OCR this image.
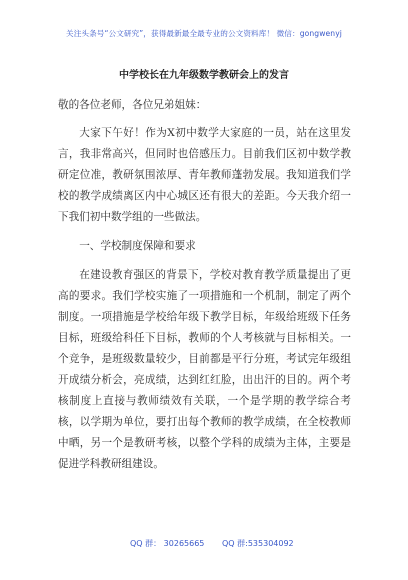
关注头条号“公文研究”，获得最新最全最专业的公文资料库！ 微信：gongwenyj
中学校长在九年级数学教研会上的发言

敬的各位老师，各位兄弟姐妹：

大家下午好！作为X初中数学大家庭的一员，站在这里发言，我非常高兴，但同时也倍感压力。目前我们区初中数学教研定位准，教研氛围浓厚、青年教师蓬勃发展。我知道我们学校的教学成绩离区内中心城区还有很大的差距。今天我介绍一下我们初中数学组的一些做法。

一、学校制度保障和要求

在建设教育强区的背景下，学校对教育教学质量提出了更高的要求。我们学校实施了一项措施和一个机制，制定了两个制度。一项措施是学校给年级下教学目标，年级给班级下任务目标，班级给科任下目标，教师的个人考核就与目标相关。一个竞争，是班级数量较少，目前都是平行分班，考试完年级组开成绩分析会，亮成绩，达到红红脸，出出汗的目的。两个考核制度上直接与教师绩效有关联，一个是学期的教学综合考核，以学期为单位，要打出每个教师的教学成绩，在全校教师中晒，另一个是教研考核，以整个学科的成绩为主体，主要是促进学科教研组建设。

QQ 群： 30265665 QQ 群:535304092
